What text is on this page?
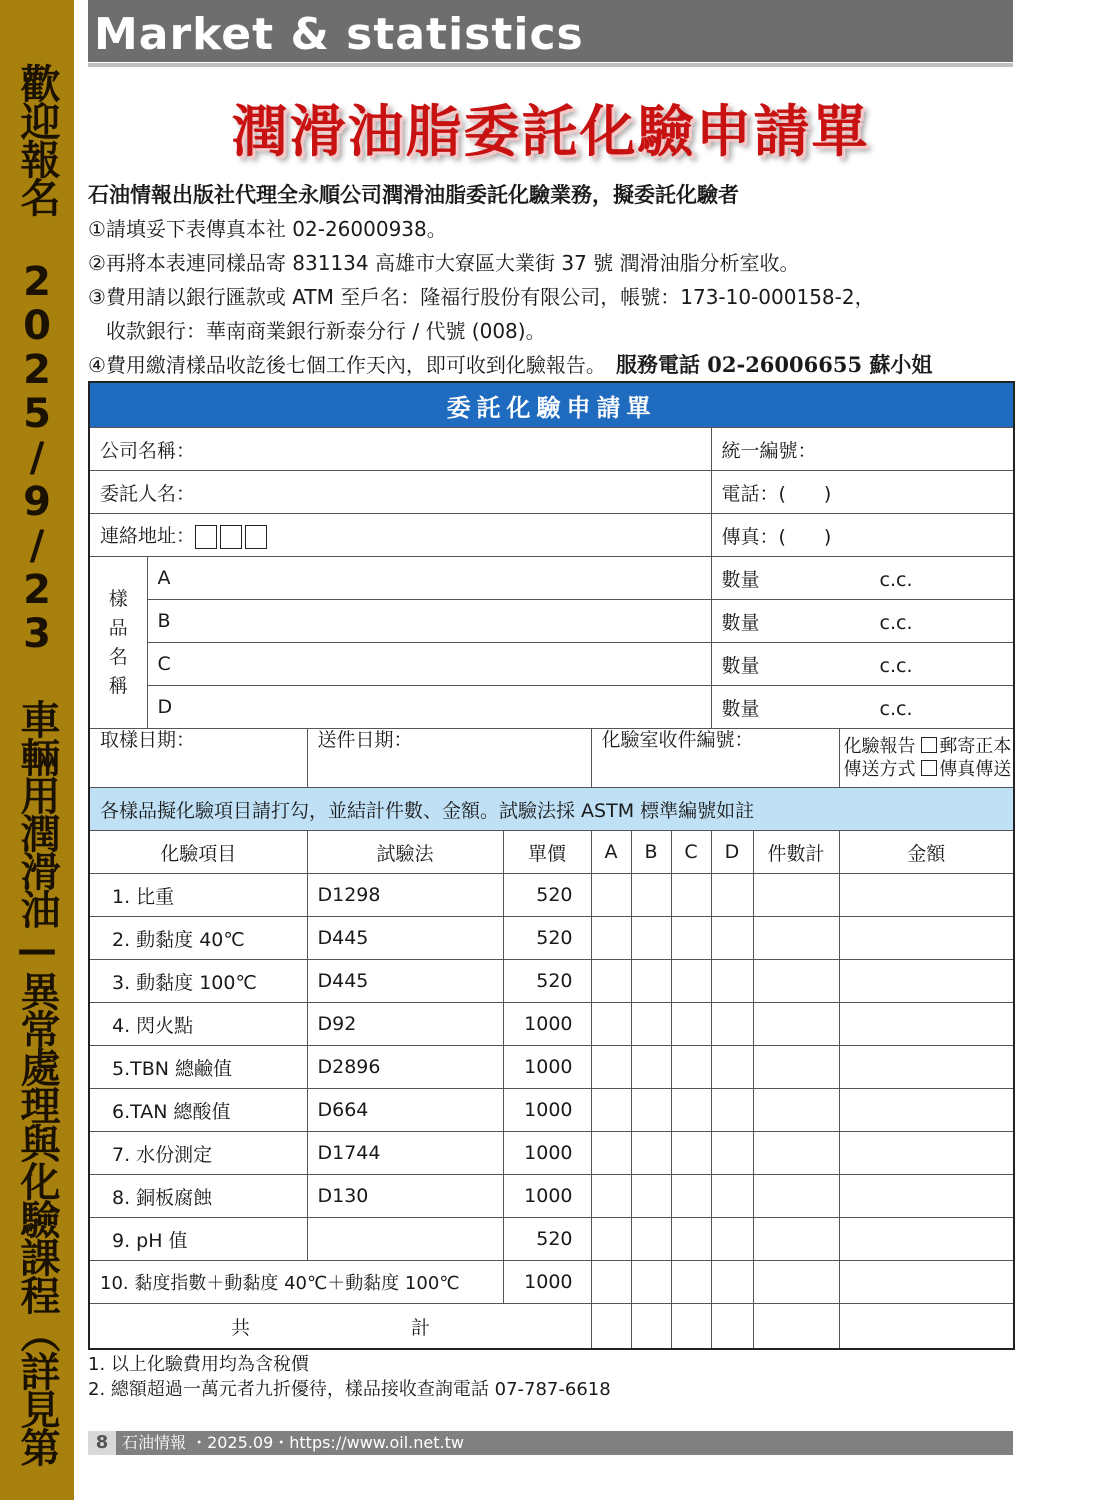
歡迎報名 2025/9/23 車輛用潤滑油—異常處理與化驗課程（詳見第
Market & statistics
潤滑油脂委託化驗申請單
石油情報出版社代理全永順公司潤滑油脂委託化驗業務，擬委託化驗者
①請填妥下表傳真本社 02-26000938。
②再將本表連同樣品寄 831134 高雄市大寮區大業街 37 號 潤滑油脂分析室收。
③費用請以銀行匯款或 ATM 至戶名：隆福行股份有限公司，帳號：173-10-000158-2，
收款銀行：華南商業銀行新泰分行 / 代號 (008)。
④費用繳清樣品收訖後七個工作天內，即可收到化驗報告。 服務電話 02-26006655 蘇小姐
委託化驗申請單									
公司名稱：							統一編號：		
委託人名：							電話：(　　)		
連絡地址：							傳真：(　　)		

樣品名稱	A						數量 c.c.		
	B						數量 c.c.		
	C						數量 c.c.		
	D						數量 c.c.		
取樣日期：		送件日期：		化驗室收件編號：					化驗報告 郵寄正本
傳送方式 傳真傳送

各樣品擬化驗項目請打勾，並結計件數、金額。試驗法採 ASTM 標準編號如註									
化驗項目		試驗法	單價	A	B	C	D	件數計	金額
1. 比重		D1298	520						
2. 動黏度 40℃		D445	520						
3. 動黏度 100℃		D445	520						
4. 閃火點		D92	1000						
5.TBN 總鹼值		D2896	1000						
6.TAN 總酸值		D664	1000						
7. 水份測定		D1744	1000						
8. 銅板腐蝕		D130	1000						
9. pH 值			520						
10. 黏度指數＋動黏度 40℃＋動黏度 100℃			1000						
共 計									
1. 以上化驗費用均為含稅價
2. 總額超過一萬元者九折優待，樣品接收查詢電話 07-787-6618
8 石油情報 ・2025.09・https://www.oil.net.tw
